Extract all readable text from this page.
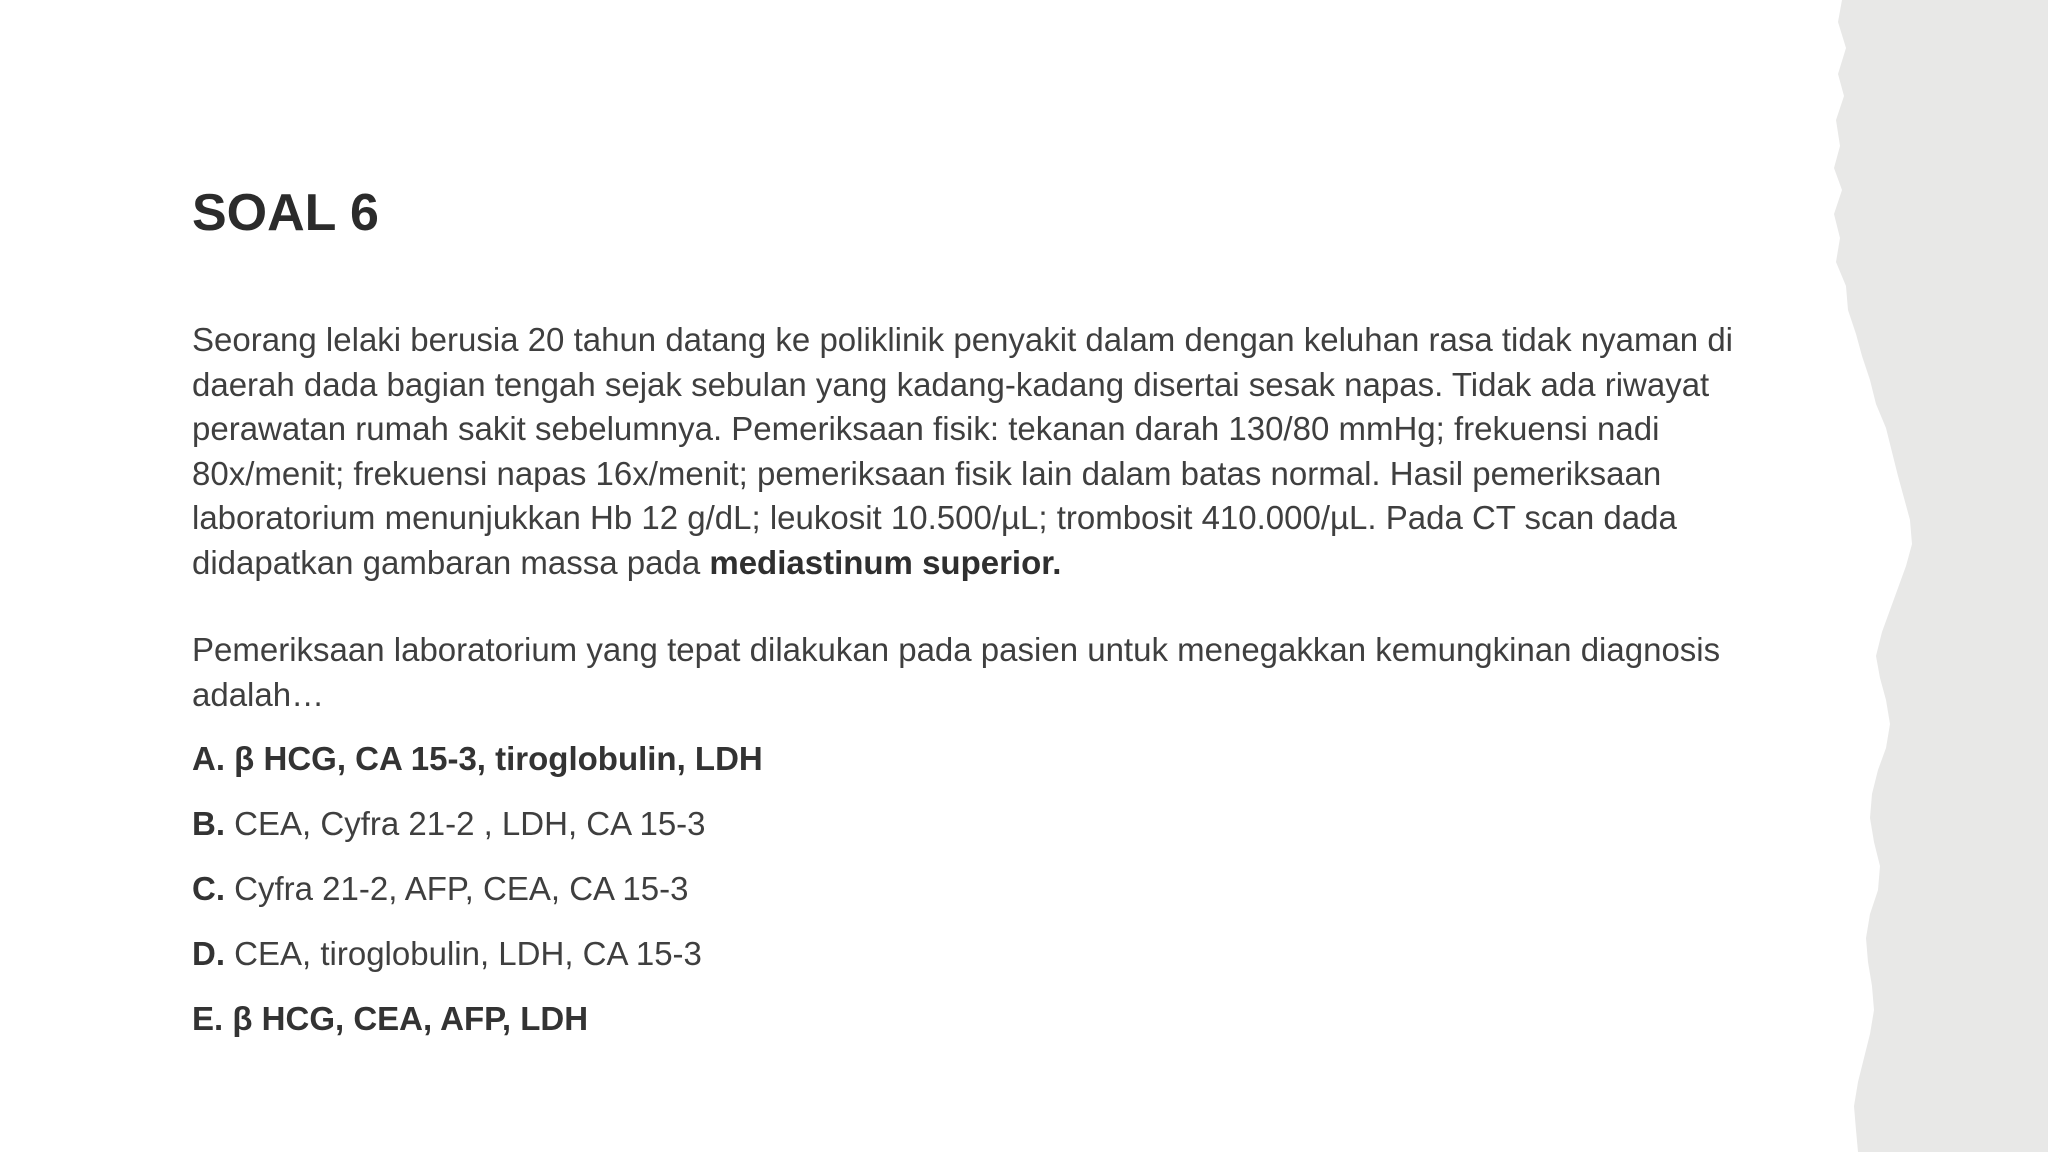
SOAL 6

Seorang lelaki berusia 20 tahun datang ke poliklinik penyakit dalam dengan keluhan rasa tidak nyaman di daerah dada bagian tengah sejak sebulan yang kadang-kadang disertai sesak napas. Tidak ada riwayat perawatan rumah sakit sebelumnya. Pemeriksaan fisik: tekanan darah 130/80 mmHg; frekuensi nadi 80x/menit; frekuensi napas 16x/menit; pemeriksaan fisik lain dalam batas normal. Hasil pemeriksaan laboratorium menunjukkan Hb 12 g/dL; leukosit 10.500/µL; trombosit 410.000/µL. Pada CT scan dada didapatkan gambaran massa pada mediastinum superior.

Pemeriksaan laboratorium yang tepat dilakukan pada pasien untuk menegakkan kemungkinan diagnosis adalah…

A. β HCG, CA 15-3, tiroglobulin, LDH
B. CEA, Cyfra 21-2 , LDH, CA 15-3
C. Cyfra 21-2, AFP, CEA, CA 15-3
D. CEA, tiroglobulin, LDH, CA 15-3
E. β HCG, CEA, AFP, LDH
